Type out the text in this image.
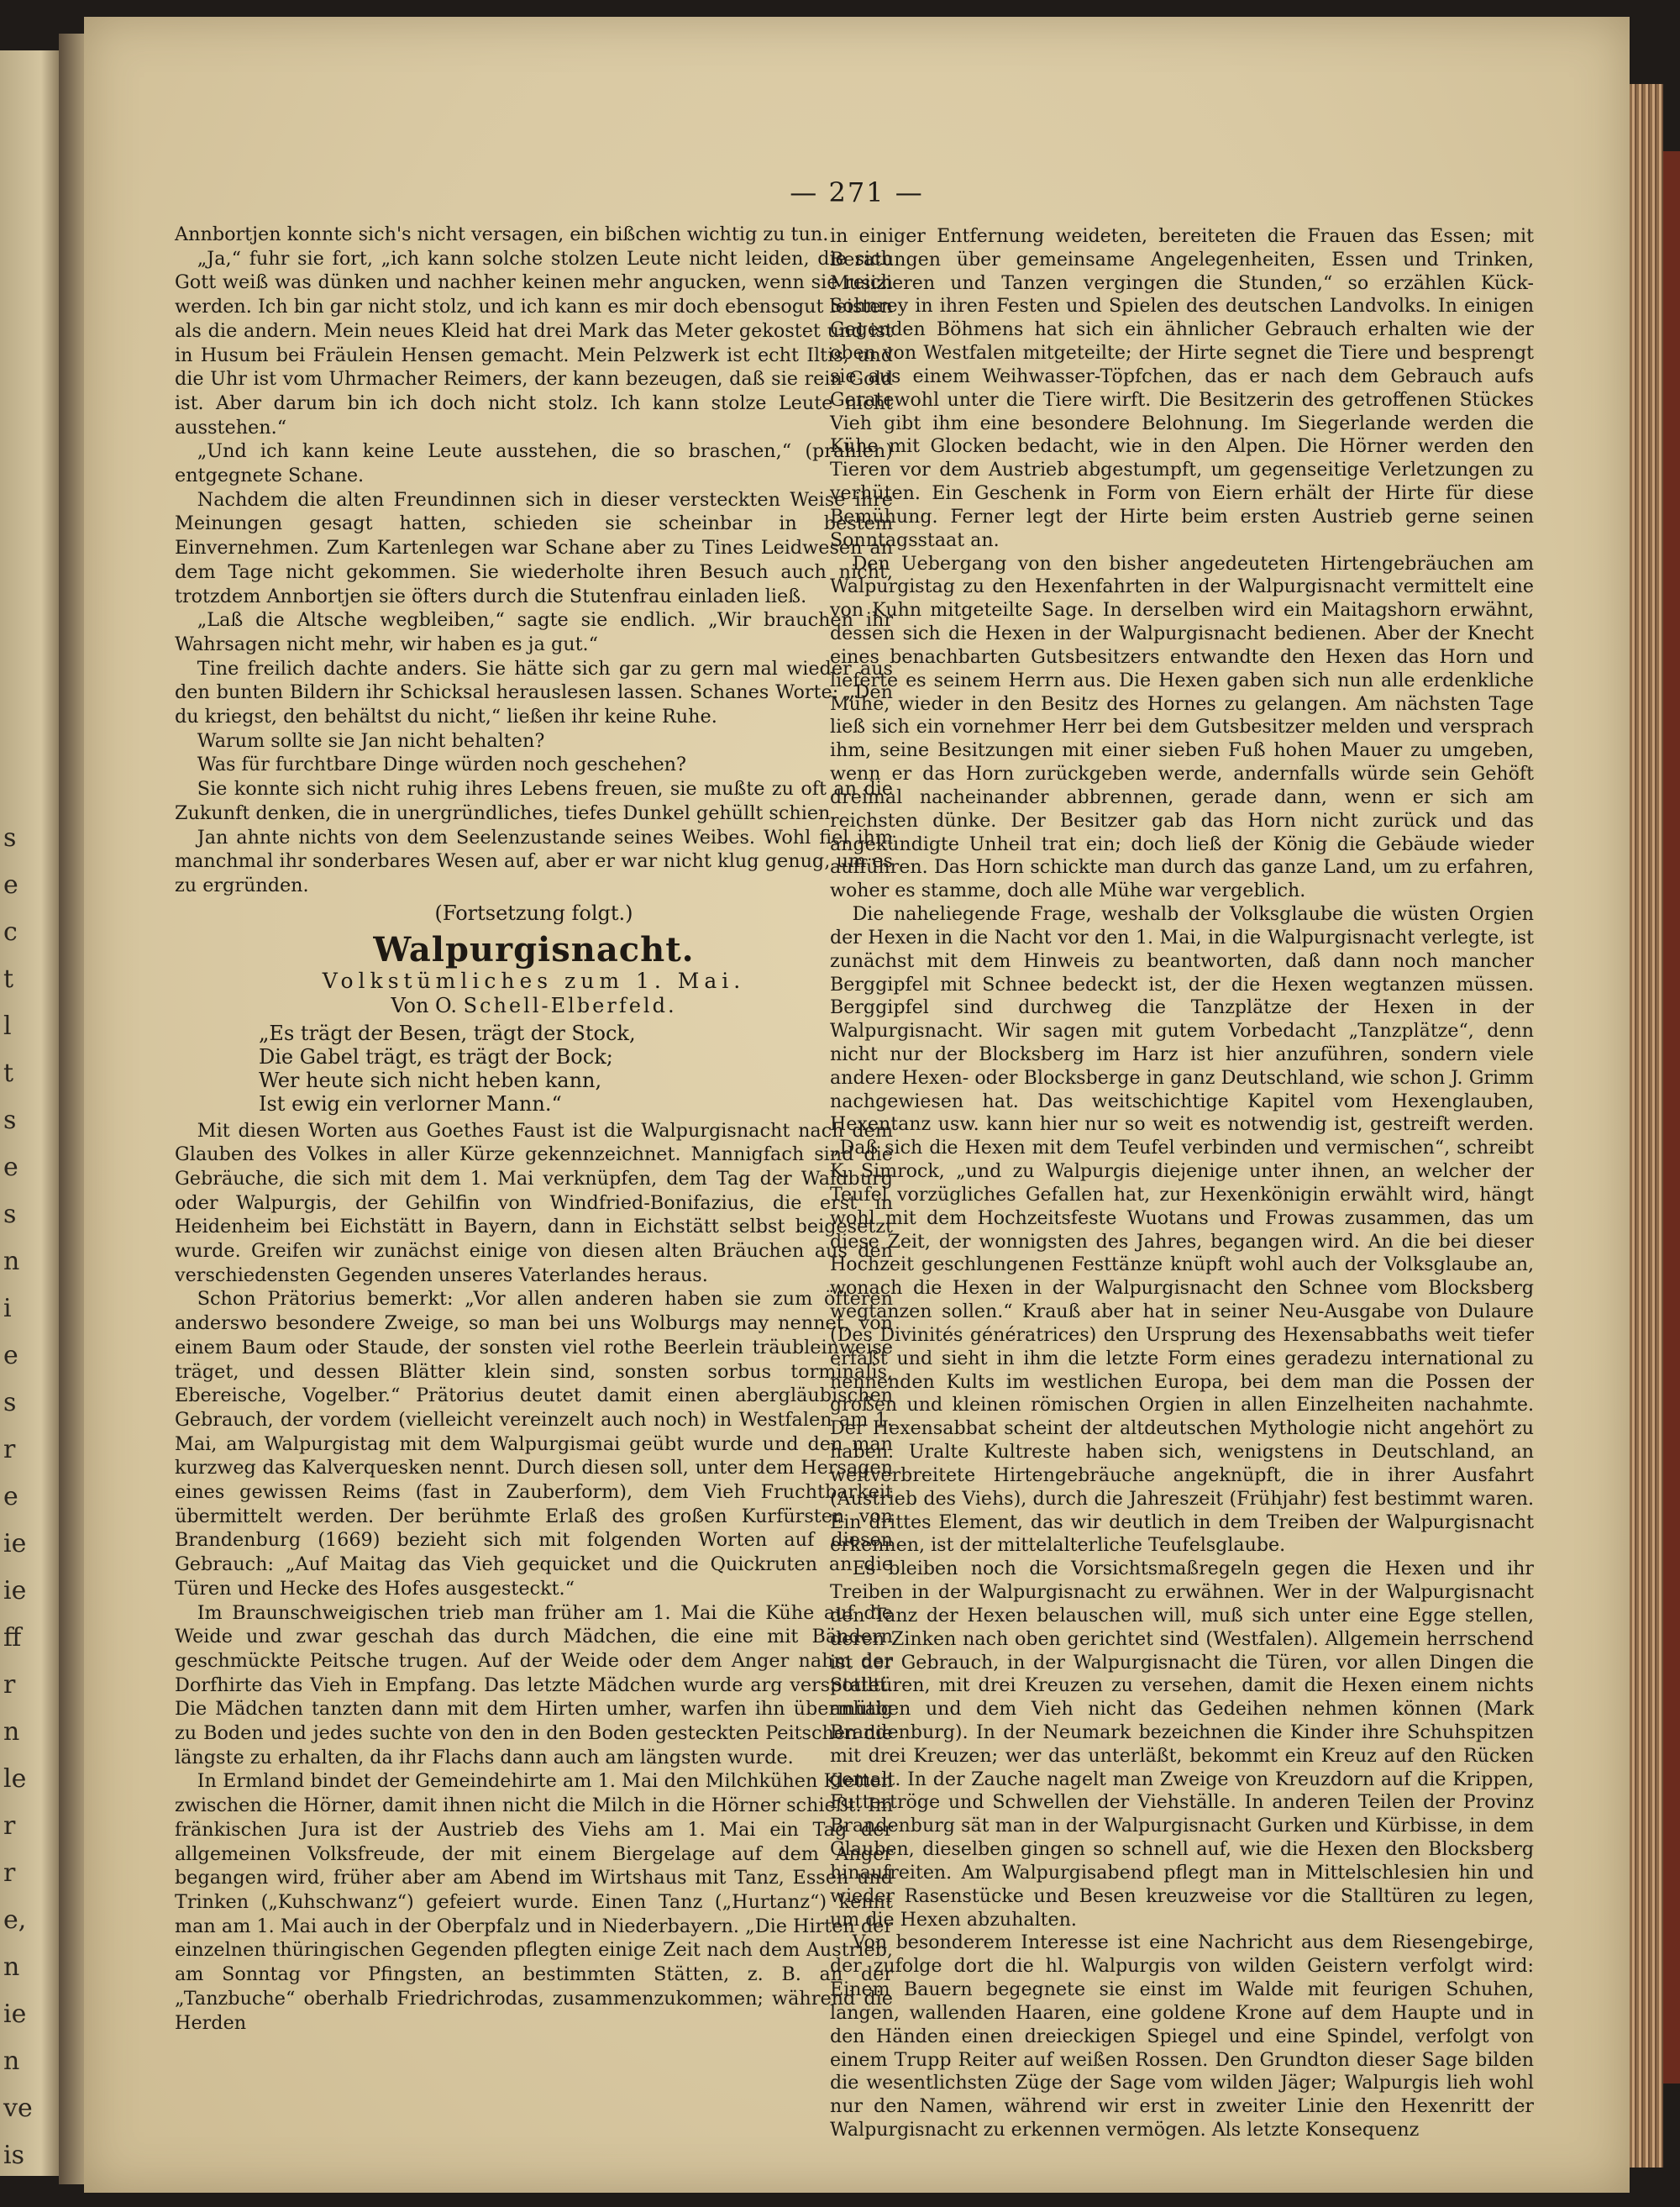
s
e
c
t
l
t
s
e
s
n
i
e
s
r
e
ie
ie
ff
r
n
le
r
r
e,
n
ie
n
ve
is
— 271 —

Annbortjen konnte sich's nicht versagen, ein bißchen wichtig zu tun.

„Ja,“ fuhr sie fort, „ich kann solche stolzen Leute nicht leiden, die sich Gott weiß was dünken und nachher keinen mehr angucken, wenn sie reich werden. Ich bin gar nicht stolz, und ich kann es mir doch ebensogut leisten als die andern. Mein neues Kleid hat drei Mark das Meter gekostet und ist in Husum bei Fräulein Hensen gemacht. Mein Pelzwerk ist echt Iltis, und die Uhr ist vom Uhrmacher Reimers, der kann bezeugen, daß sie rein Gold ist. Aber darum bin ich doch nicht stolz. Ich kann stolze Leute nicht ausstehen.“

„Und ich kann keine Leute ausstehen, die so braschen,“ (prahlen) entgegnete Schane.

Nachdem die alten Freundinnen sich in dieser versteckten Weise ihre Meinungen gesagt hatten, schieden sie scheinbar in bestem Einvernehmen. Zum Kartenlegen war Schane aber zu Tines Leidwesen an dem Tage nicht gekommen. Sie wiederholte ihren Besuch auch nicht, trotzdem Annbortjen sie öfters durch die Stutenfrau einladen ließ.

„Laß die Altsche wegbleiben,“ sagte sie endlich. „Wir brauchen ihr Wahrsagen nicht mehr, wir haben es ja gut.“

Tine freilich dachte anders. Sie hätte sich gar zu gern mal wieder aus den bunten Bildern ihr Schicksal herauslesen lassen. Schanes Worte: „Den du kriegst, den behältst du nicht,“ ließen ihr keine Ruhe.

Warum sollte sie Jan nicht behalten?

Was für furchtbare Dinge würden noch geschehen?

Sie konnte sich nicht ruhig ihres Lebens freuen, sie mußte zu oft an die Zukunft denken, die in unergründliches, tiefes Dunkel gehüllt schien.

Jan ahnte nichts von dem Seelenzustande seines Weibes. Wohl fiel ihm manchmal ihr sonderbares Wesen auf, aber er war nicht klug genug, um es zu ergründen.

(Fortsetzung folgt.)
Walpurgisnacht.

Volkstümliches zum 1. Mai.

Von O. Schell-Elberfeld.

„Es trägt der Besen, trägt der Stock,
Die Gabel trägt, es trägt der Bock;
Wer heute sich nicht heben kann,
Ist ewig ein verlorner Mann.“

Mit diesen Worten aus Goethes Faust ist die Walpurgisnacht nach dem Glauben des Volkes in aller Kürze gekennzeichnet. Mannigfach sind die Gebräuche, die sich mit dem 1. Mai verknüpfen, dem Tag der Waldburg oder Walpurgis, der Gehilfin von Windfried-Bonifazius, die erst in Heidenheim bei Eichstätt in Bayern, dann in Eichstätt selbst beigesetzt wurde. Greifen wir zunächst einige von diesen alten Bräuchen aus den verschiedensten Gegenden unseres Vaterlandes heraus.

Schon Prätorius bemerkt: „Vor allen anderen haben sie zum öfteren anderswo besondere Zweige, so man bei uns Wolburgs may nennet, von einem Baum oder Staude, der sonsten viel rothe Beerlein träubleinweise träget, und dessen Blätter klein sind, sonsten sorbus torminalis, Ebereische, Vogelber.“ Prätorius deutet damit einen abergläubischen Gebrauch, der vordem (vielleicht vereinzelt auch noch) in Westfalen am 1. Mai, am Walpurgistag mit dem Walpurgismai geübt wurde und den man kurzweg das Kalverquesken nennt. Durch diesen soll, unter dem Hersagen eines gewissen Reims (fast in Zauberform), dem Vieh Fruchtbarkeit übermittelt werden. Der berühmte Erlaß des großen Kurfürsten von Brandenburg (1669) bezieht sich mit folgenden Worten auf diesen Gebrauch: „Auf Maitag das Vieh gequicket und die Quickruten an die Türen und Hecke des Hofes ausgesteckt.“

Im Braunschweigischen trieb man früher am 1. Mai die Kühe auf die Weide und zwar geschah das durch Mädchen, die eine mit Bändern geschmückte Peitsche trugen. Auf der Weide oder dem Anger nahm der Dorfhirte das Vieh in Empfang. Das letzte Mädchen wurde arg verspottet. Die Mädchen tanzten dann mit dem Hirten umher, warfen ihn übermütig zu Boden und jedes suchte von den in den Boden gesteckten Peitschen die längste zu erhalten, da ihr Flachs dann auch am längsten wurde.

In Ermland bindet der Gemeindehirte am 1. Mai den Milchkühen Kletten zwischen die Hörner, damit ihnen nicht die Milch in die Hörner schießt. Im fränkischen Jura ist der Austrieb des Viehs am 1. Mai ein Tag der allgemeinen Volksfreude, der mit einem Biergelage auf dem Anger begangen wird, früher aber am Abend im Wirtshaus mit Tanz, Essen und Trinken („Kuhschwanz“) gefeiert wurde. Einen Tanz („Hurtanz“) kennt man am 1. Mai auch in der Oberpfalz und in Niederbayern. „Die Hirten der einzelnen thüringischen Gegenden pflegten einige Zeit nach dem Austrieb, am Sonntag vor Pfingsten, an bestimmten Stätten, z. B. an der „Tanzbuche“ oberhalb Friedrichrodas, zusammenzukommen; während die Herden

in einiger Entfernung weideten, bereiteten die Frauen das Essen; mit Beratungen über gemeinsame Angelegenheiten, Essen und Trinken, Musizieren und Tanzen vergingen die Stunden,“ so erzählen Kück-Sohnrey in ihren Festen und Spielen des deutschen Landvolks. In einigen Gegenden Böhmens hat sich ein ähnlicher Gebrauch erhalten wie der oben von Westfalen mitgeteilte; der Hirte segnet die Tiere und besprengt sie aus einem Weihwasser-Töpfchen, das er nach dem Gebrauch aufs Geratewohl unter die Tiere wirft. Die Besitzerin des getroffenen Stückes Vieh gibt ihm eine besondere Belohnung. Im Siegerlande werden die Kühe mit Glocken bedacht, wie in den Alpen. Die Hörner werden den Tieren vor dem Austrieb abgestumpft, um gegenseitige Verletzungen zu verhüten. Ein Geschenk in Form von Eiern erhält der Hirte für diese Bemühung. Ferner legt der Hirte beim ersten Austrieb gerne seinen Sonntagsstaat an.

Den Uebergang von den bisher angedeuteten Hirtengebräuchen am Walpurgistag zu den Hexenfahrten in der Walpurgisnacht vermittelt eine von Kuhn mitgeteilte Sage. In derselben wird ein Maitagshorn erwähnt, dessen sich die Hexen in der Walpurgisnacht bedienen. Aber der Knecht eines benachbarten Gutsbesitzers entwandte den Hexen das Horn und lieferte es seinem Herrn aus. Die Hexen gaben sich nun alle erdenkliche Mühe, wieder in den Besitz des Hornes zu gelangen. Am nächsten Tage ließ sich ein vornehmer Herr bei dem Gutsbesitzer melden und versprach ihm, seine Besitzungen mit einer sieben Fuß hohen Mauer zu umgeben, wenn er das Horn zurückgeben werde, andernfalls würde sein Gehöft dreimal nacheinander abbrennen, gerade dann, wenn er sich am reichsten dünke. Der Besitzer gab das Horn nicht zurück und das angekündigte Unheil trat ein; doch ließ der König die Gebäude wieder aufführen. Das Horn schickte man durch das ganze Land, um zu erfahren, woher es stamme, doch alle Mühe war vergeblich.

Die naheliegende Frage, weshalb der Volksglaube die wüsten Orgien der Hexen in die Nacht vor den 1. Mai, in die Walpurgisnacht verlegte, ist zunächst mit dem Hinweis zu beantworten, daß dann noch mancher Berggipfel mit Schnee bedeckt ist, der die Hexen wegtanzen müssen. Berggipfel sind durchweg die Tanzplätze der Hexen in der Walpurgisnacht. Wir sagen mit gutem Vorbedacht „Tanzplätze“, denn nicht nur der Blocksberg im Harz ist hier anzuführen, sondern viele andere Hexen- oder Blocksberge in ganz Deutschland, wie schon J. Grimm nachgewiesen hat. Das weitschichtige Kapitel vom Hexenglauben, Hexentanz usw. kann hier nur so weit es notwendig ist, gestreift werden. „Daß sich die Hexen mit dem Teufel verbinden und vermischen“, schreibt K. Simrock, „und zu Walpurgis diejenige unter ihnen, an welcher der Teufel vorzügliches Gefallen hat, zur Hexenkönigin erwählt wird, hängt wohl mit dem Hochzeitsfeste Wuotans und Frowas zusammen, das um diese Zeit, der wonnigsten des Jahres, begangen wird. An die bei dieser Hochzeit geschlungenen Festtänze knüpft wohl auch der Volksglaube an, wonach die Hexen in der Walpurgisnacht den Schnee vom Blocksberg wegtanzen sollen.“ Krauß aber hat in seiner Neu-Ausgabe von Dulaure (Des Divinités génératrices) den Ursprung des Hexensabbaths weit tiefer erfaßt und sieht in ihm die letzte Form eines geradezu international zu nennenden Kults im westlichen Europa, bei dem man die Possen der großen und kleinen römischen Orgien in allen Einzelheiten nachahmte. Der Hexensabbat scheint der altdeutschen Mythologie nicht angehört zu haben. Uralte Kultreste haben sich, wenigstens in Deutschland, an weitverbreitete Hirtengebräuche angeknüpft, die in ihrer Ausfahrt (Austrieb des Viehs), durch die Jahreszeit (Frühjahr) fest bestimmt waren. Ein drittes Element, das wir deutlich in dem Treiben der Walpurgisnacht erkennen, ist der mittelalterliche Teufelsglaube.

Es bleiben noch die Vorsichtsmaßregeln gegen die Hexen und ihr Treiben in der Walpurgisnacht zu erwähnen. Wer in der Walpurgisnacht den Tanz der Hexen belauschen will, muß sich unter eine Egge stellen, deren Zinken nach oben gerichtet sind (Westfalen). Allgemein herrschend ist der Gebrauch, in der Walpurgisnacht die Türen, vor allen Dingen die Stalltüren, mit drei Kreuzen zu versehen, damit die Hexen einem nichts anhaben und dem Vieh nicht das Gedeihen nehmen können (Mark Brandenburg). In der Neumark bezeichnen die Kinder ihre Schuhspitzen mit drei Kreuzen; wer das unterläßt, bekommt ein Kreuz auf den Rücken gemalt. In der Zauche nagelt man Zweige von Kreuzdorn auf die Krippen, Futtertröge und Schwellen der Viehställe. In anderen Teilen der Provinz Brandenburg sät man in der Walpurgisnacht Gurken und Kürbisse, in dem Glauben, dieselben gingen so schnell auf, wie die Hexen den Blocksberg hinaufreiten. Am Walpurgisabend pflegt man in Mittelschlesien hin und wieder Rasenstücke und Besen kreuzweise vor die Stalltüren zu legen, um die Hexen abzuhalten.

Von besonderem Interesse ist eine Nachricht aus dem Riesengebirge, der zufolge dort die hl. Walpurgis von wilden Geistern verfolgt wird: Einem Bauern begegnete sie einst im Walde mit feurigen Schuhen, langen, wallenden Haaren, eine goldene Krone auf dem Haupte und in den Händen einen dreieckigen Spiegel und eine Spindel, verfolgt von einem Trupp Reiter auf weißen Rossen. Den Grundton dieser Sage bilden die wesentlichsten Züge der Sage vom wilden Jäger; Walpurgis lieh wohl nur den Namen, während wir erst in zweiter Linie den Hexenritt der Walpurgisnacht zu erkennen vermögen. Als letzte Konsequenz
